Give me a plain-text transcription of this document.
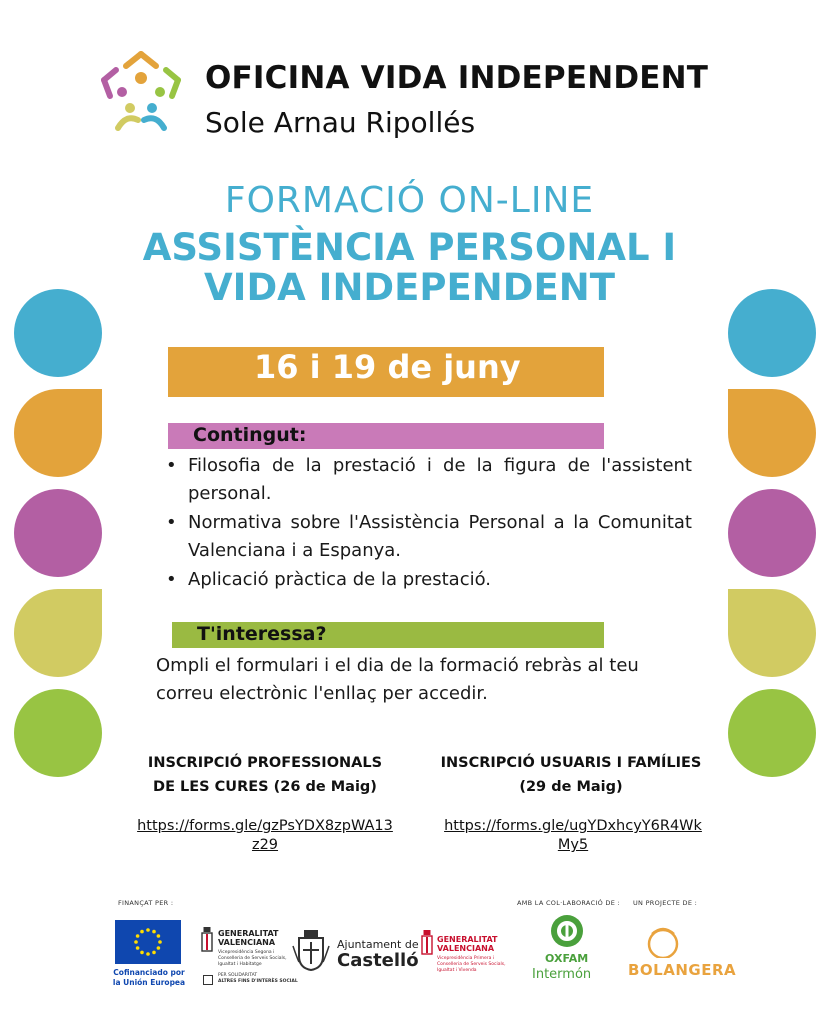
OFICINA VIDA INDEPENDENT
Sole Arnau Ripollés
FORMACIÓ ON-LINE
ASSISTÈNCIA PERSONAL I
VIDA INDEPENDENT
16 i 19 de juny
Contingut:
• Filosofia de la prestació i de la figura de l'assistent personal.
• Normativa sobre l'Assistència Personal a la Comunitat Valenciana i a Espanya.
• Aplicació pràctica de la prestació.
T'interessa?
Ompli el formulari i el dia de la formació rebràs al teu correu electrònic l'enllaç per accedir.
INSCRIPCIÓ PROFESSIONALS
DE LES CURES (26 de Maig)
https://forms.gle/gzPsYDX8zpWA13z29
INSCRIPCIÓ USUARIS I FAMÍLIES
(29 de Maig)
https://forms.gle/ugYDxhcyY6R4WkMy5
FINANÇAT PER :	AMB LA COL·LABORACIÓ DE : UN PROJECTE DE :
Cofinanciado por la Unión Europea
GENERALITAT
VALENCIANA
Vicepresidència Segona i
Conselleria de Serveis Socials,
Igualtat i Habitatge
PER SOLIDARITAT
ALTRES FINS D'INTERÈS SOCIAL
Ajuntament de
Castelló
GENERALITAT
VALENCIANA
Vicepresidència Primera i
Conselleria de Serveis Socials,
Igualtat i Vivenda
OXFAM
Intermón BOLANGERA
